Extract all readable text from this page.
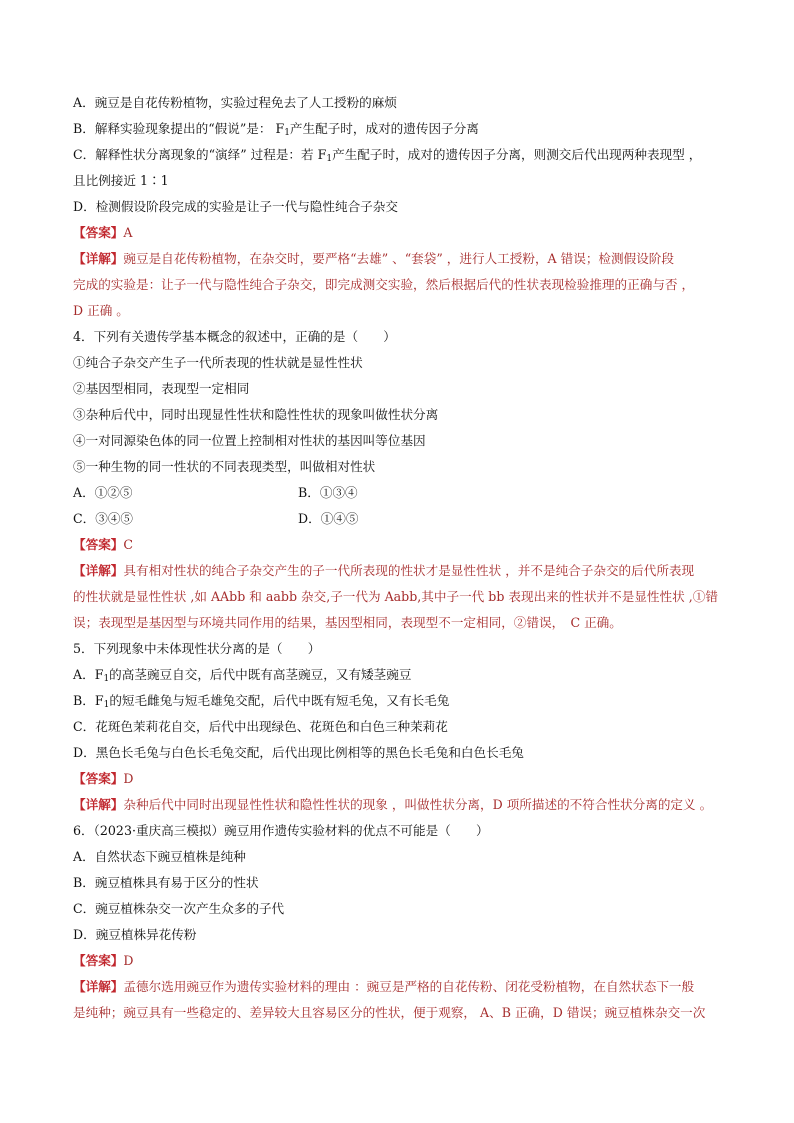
A．豌豆是自花传粉植物，实验过程免去了人工授粉的麻烦
B．解释实验现象提出的“假说”是： $F_1$产生配子时，成对的遗传因子分离
C．解释性状分离现象的“演绎” 过程是：若 $F_1$产生配子时，成对的遗传因子分离，则测交后代出现两种表现型 ，
且比例接近 1∶1
D．检测假设阶段完成的实验是让子一代与隐性纯合子杂交
【答案】A
【详解】豌豆是自花传粉植物，在杂交时，要严格“去雄” 、“套袋” ，进行人工授粉，A 错误；检测假设阶段
完成的实验是：让子一代与隐性纯合子杂交，即完成测交实验，然后根据后代的性状表现检验推理的正确与否 ，
D 正确 。
4．下列有关遗传学基本概念的叙述中，正确的是（　　）
①纯合子杂交产生子一代所表现的性状就是显性性状
②基因型相同，表现型一定相同
③杂种后代中，同时出现显性性状和隐性性状的现象叫做性状分离
④一对同源染色体的同一位置上控制相对性状的基因叫等位基因
⑤一种生物的同一性状的不同表现类型，叫做相对性状
A．①②⑤	B．①③④
C．③④⑤	D．①④⑤
【答案】C
【详解】具有相对性状的纯合子杂交产生的子一代所表现的性状才是显性性状 ，并不是纯合子杂交的后代所表现
的性状就是显性性状 ,如 AAbb 和 aabb 杂交,子一代为 Aabb,其中子一代 bb 表现出来的性状并不是显性性状 ,①错
误；表现型是基因型与环境共同作用的结果，基因型相同，表现型不一定相同，②错误，　C 正确。
5．下列现象中未体现性状分离的是（　　）
A．$F_1$的高茎豌豆自交，后代中既有高茎豌豆，又有矮茎豌豆
B．$F_1$的短毛雌兔与短毛雄兔交配，后代中既有短毛兔，又有长毛兔
C．花斑色茉莉花自交，后代中出现绿色、花斑色和白色三种茉莉花
D．黑色长毛兔与白色长毛兔交配，后代出现比例相等的黑色长毛兔和白色长毛兔
【答案】D
【详解】杂种后代中同时出现显性性状和隐性性状的现象 ，叫做性状分离，D 项所描述的不符合性状分离的定义 。
6．（2023·重庆高三模拟）豌豆用作遗传实验材料的优点不可能是（　　）
A．自然状态下豌豆植株是纯种
B．豌豆植株具有易于区分的性状
C．豌豆植株杂交一次产生众多的子代
D．豌豆植株异花传粉
【答案】D
【详解】孟德尔选用豌豆作为遗传实验材料的理由 ：豌豆是严格的自花传粉、闭花受粉植物，在自然状态下一般
是纯种；豌豆具有一些稳定的、差异较大且容易区分的性状，便于观察， A、B 正确，D 错误；豌豆植株杂交一次
